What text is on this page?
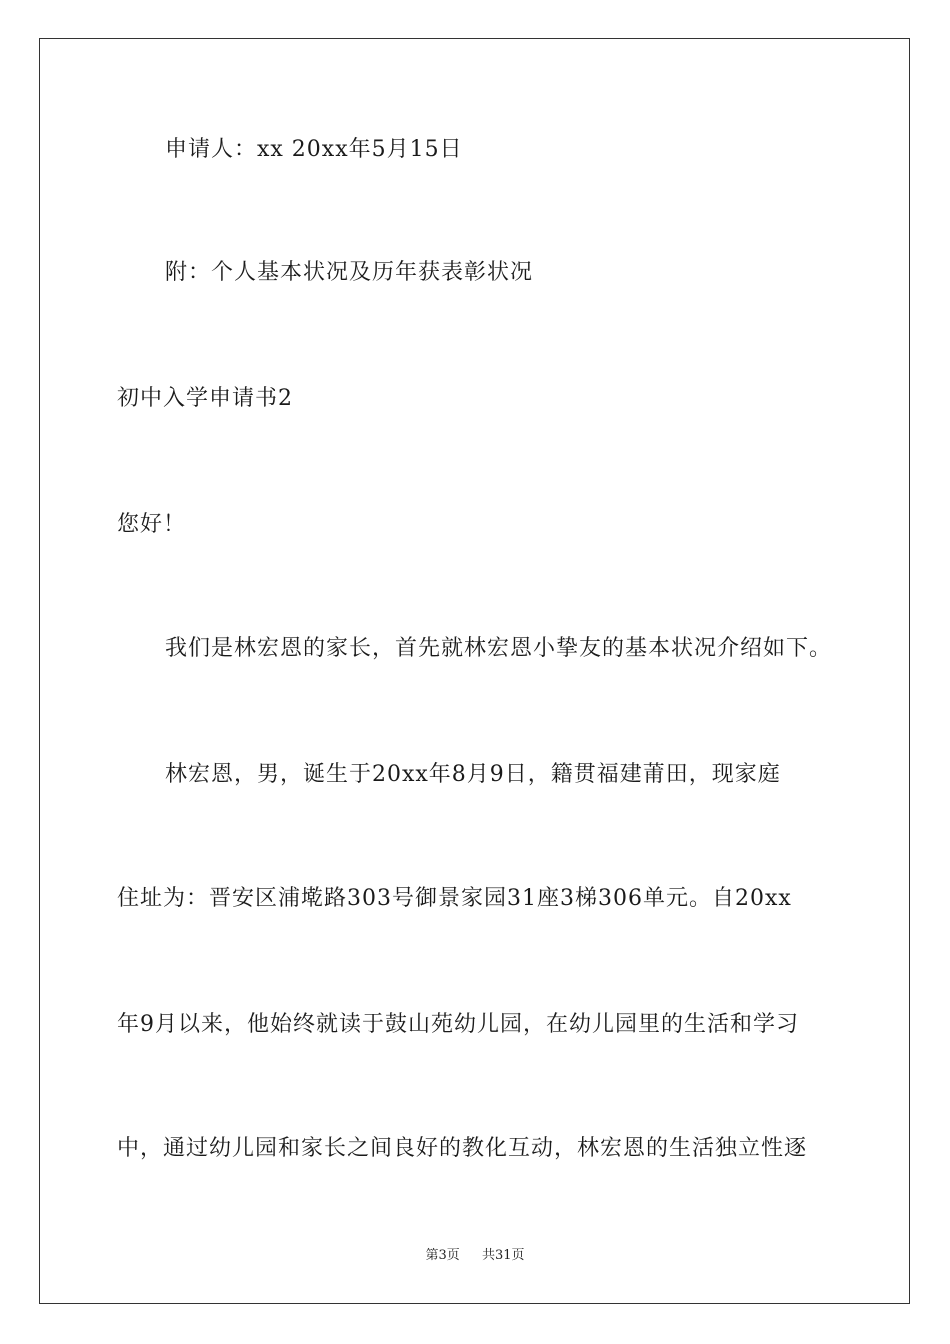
申请人：xx 20xx年5月15日
附：个人基本状况及历年获表彰状况
初中入学申请书2
您好！
我们是林宏恩的家长，首先就林宏恩小挚友的基本状况介绍如下。
林宏恩，男，诞生于20xx年8月9日，籍贯福建莆田，现家庭
住址为：晋安区浦墘路303号御景家园31座3梯306单元。自20xx
年9月以来，他始终就读于鼓山苑幼儿园，在幼儿园里的生活和学习
中，通过幼儿园和家长之间良好的教化互动，林宏恩的生活独立性逐
第3页 共31页
